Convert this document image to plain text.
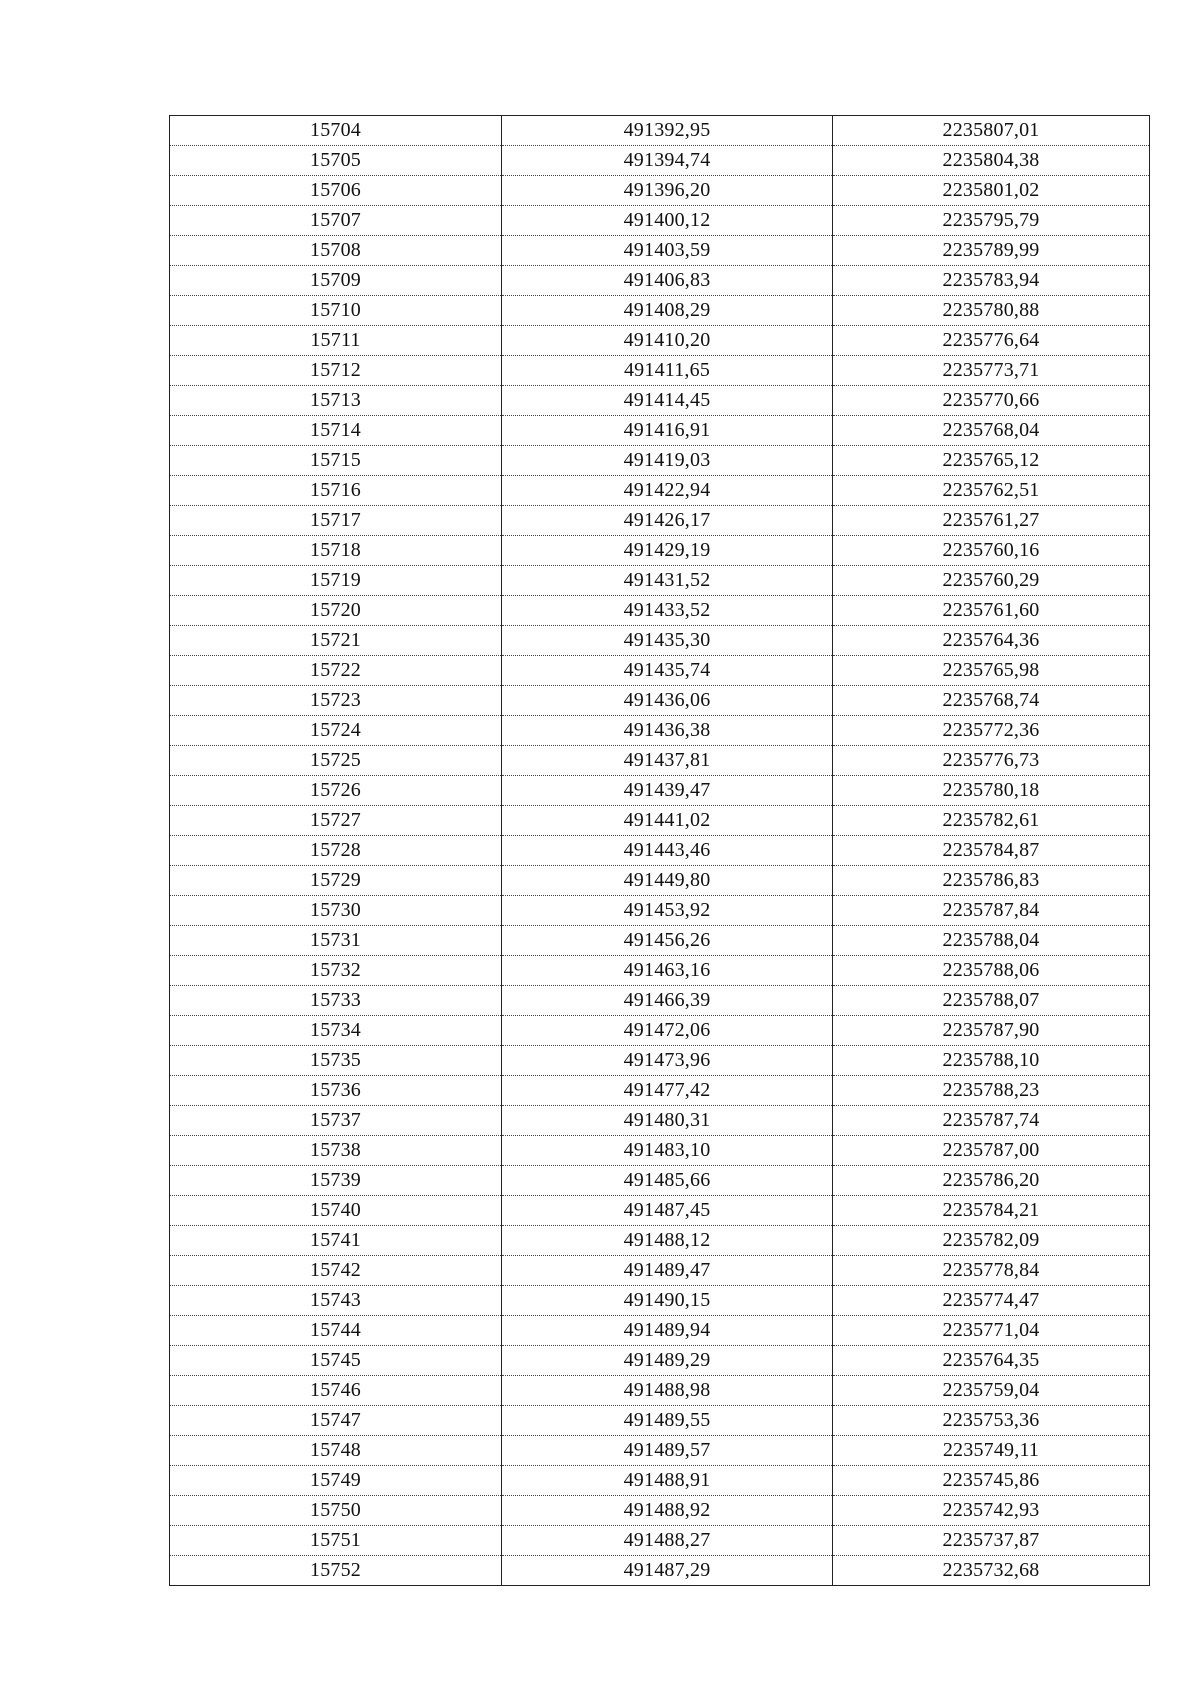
15704	491392,95	2235807,01
15705	491394,74	2235804,38
15706	491396,20	2235801,02
15707	491400,12	2235795,79
15708	491403,59	2235789,99
15709	491406,83	2235783,94
15710	491408,29	2235780,88
15711	491410,20	2235776,64
15712	491411,65	2235773,71
15713	491414,45	2235770,66
15714	491416,91	2235768,04
15715	491419,03	2235765,12
15716	491422,94	2235762,51
15717	491426,17	2235761,27
15718	491429,19	2235760,16
15719	491431,52	2235760,29
15720	491433,52	2235761,60
15721	491435,30	2235764,36
15722	491435,74	2235765,98
15723	491436,06	2235768,74
15724	491436,38	2235772,36
15725	491437,81	2235776,73
15726	491439,47	2235780,18
15727	491441,02	2235782,61
15728	491443,46	2235784,87
15729	491449,80	2235786,83
15730	491453,92	2235787,84
15731	491456,26	2235788,04
15732	491463,16	2235788,06
15733	491466,39	2235788,07
15734	491472,06	2235787,90
15735	491473,96	2235788,10
15736	491477,42	2235788,23
15737	491480,31	2235787,74
15738	491483,10	2235787,00
15739	491485,66	2235786,20
15740	491487,45	2235784,21
15741	491488,12	2235782,09
15742	491489,47	2235778,84
15743	491490,15	2235774,47
15744	491489,94	2235771,04
15745	491489,29	2235764,35
15746	491488,98	2235759,04
15747	491489,55	2235753,36
15748	491489,57	2235749,11
15749	491488,91	2235745,86
15750	491488,92	2235742,93
15751	491488,27	2235737,87
15752	491487,29	2235732,68
